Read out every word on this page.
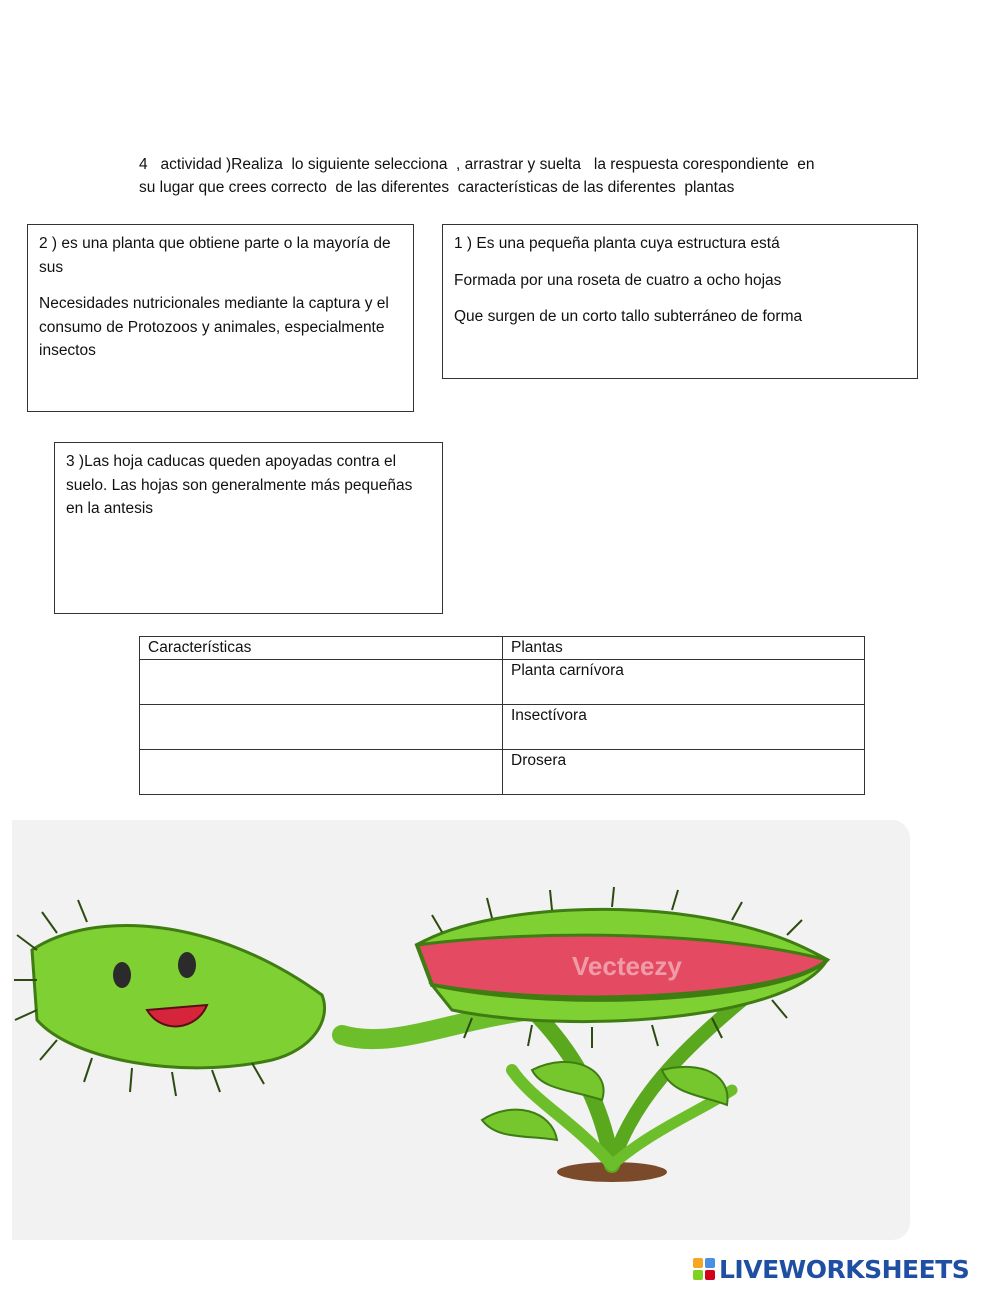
4   actividad )Realiza  lo siguiente selecciona  , arrastrar y suelta   la respuesta corespondiente  en
su lugar que crees correcto  de las diferentes  características de las diferentes  plantas

2 ) es una planta que obtiene parte o la mayoría de sus

Necesidades nutricionales mediante la captura y el consumo de Protozoos y animales, especialmente insectos

1 ) Es una pequeña planta cuya estructura está

Formada por una roseta de cuatro a ocho hojas

Que surgen de un corto tallo subterráneo de forma

3 )Las hoja caducas queden apoyadas contra el suelo. Las hojas son generalmente más pequeñas en la antesis

Características	Plantas
	Planta carnívora
	Insectívora
	Drosera
Vecteezy
LIVEWORKSHEETS
